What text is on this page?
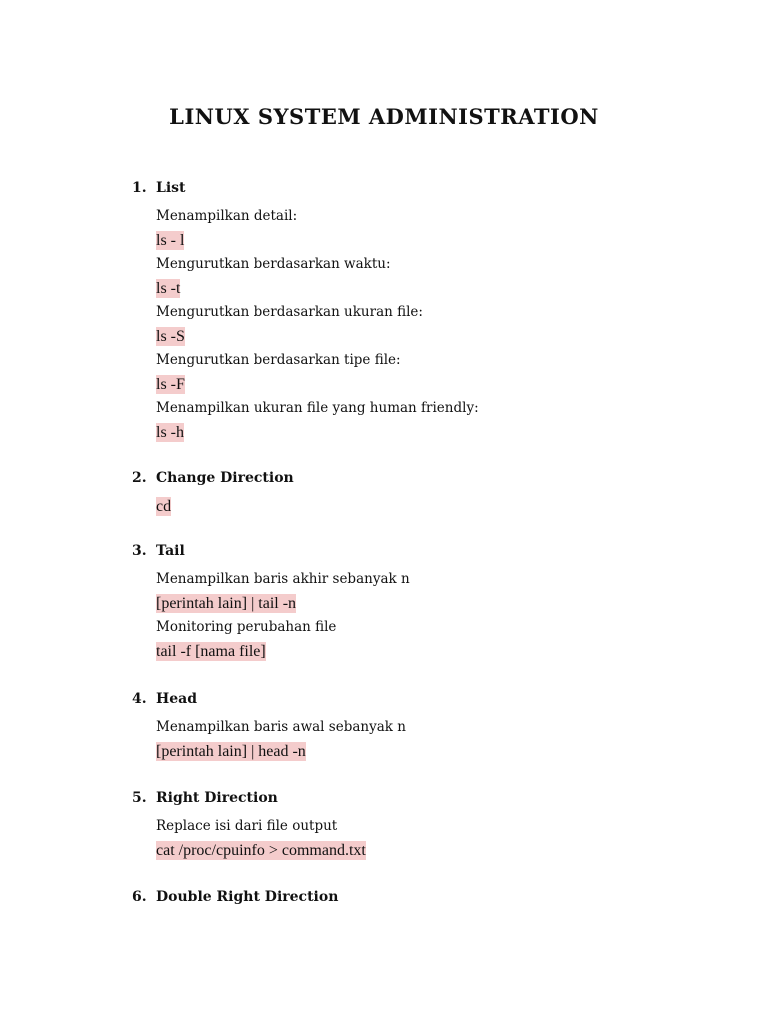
LINUX SYSTEM ADMINISTRATION
1. List
Menampilkan detail:
ls - l
Mengurutkan berdasarkan waktu:
ls -t
Mengurutkan berdasarkan ukuran file:
ls -S
Mengurutkan berdasarkan tipe file:
ls -F
Menampilkan ukuran file yang human friendly:
ls -h
2. Change Direction
cd
3. Tail
Menampilkan baris akhir sebanyak n
[perintah lain] | tail -n
Monitoring perubahan file
tail -f [nama file]
4. Head
Menampilkan baris awal sebanyak n
[perintah lain] | head -n
5. Right Direction
Replace isi dari file output
cat /proc/cpuinfo > command.txt
6. Double Right Direction
